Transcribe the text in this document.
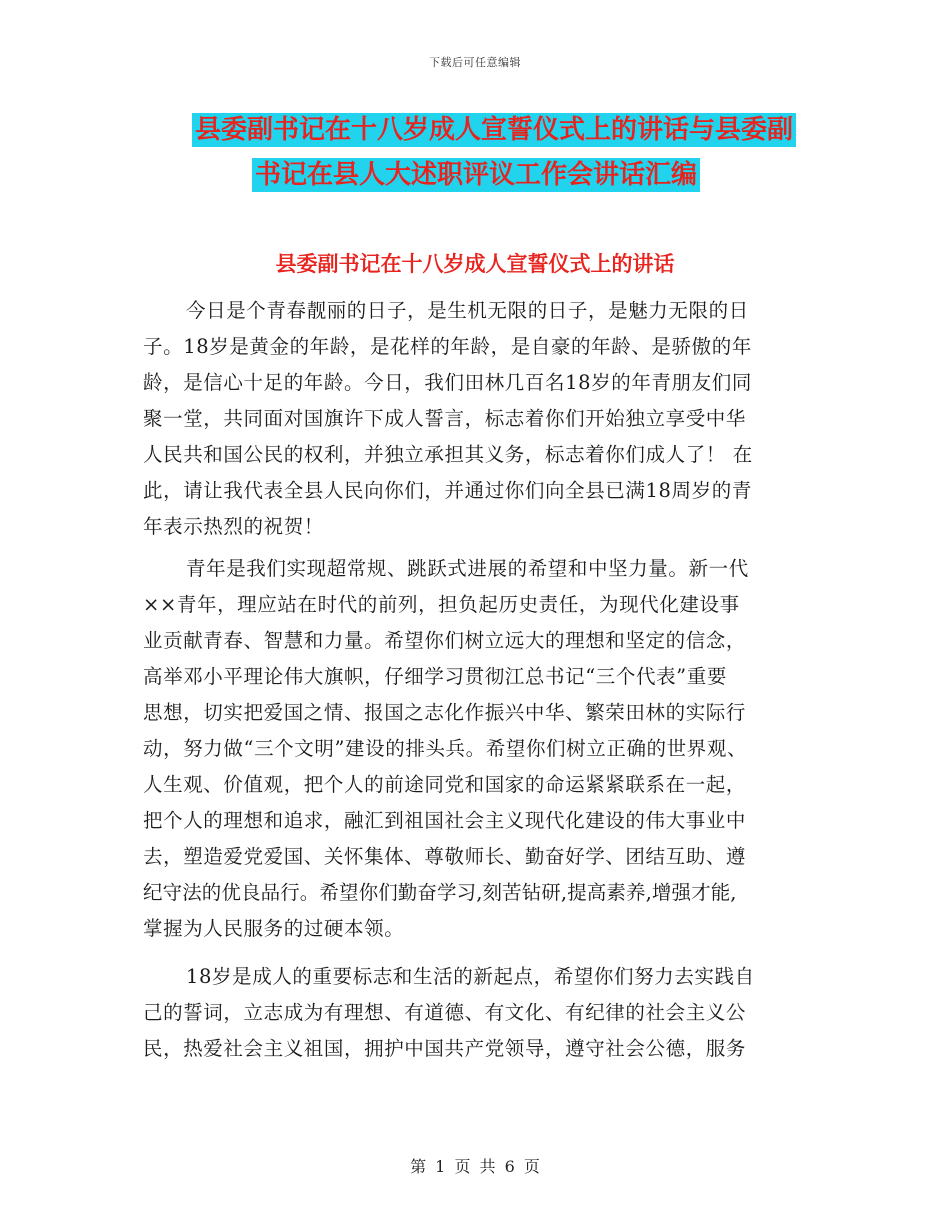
下载后可任意编辑
县委副书记在十八岁成人宣誓仪式上的讲话与县委副
书记在县人大述职评议工作会讲话汇编
县委副书记在十八岁成人宣誓仪式上的讲话
今日是个青春靓丽的日子，是生机无限的日子，是魅力无限的日
子。18岁是黄金的年龄，是花样的年龄，是自豪的年龄、是骄傲的年
龄，是信心十足的年龄。今日，我们田林几百名18岁的年青朋友们同
聚一堂，共同面对国旗许下成人誓言，标志着你们开始独立享受中华
人民共和国公民的权利，并独立承担其义务，标志着你们成人了！ 在
此，请让我代表全县人民向你们，并通过你们向全县已满18周岁的青
年表示热烈的祝贺！
青年是我们实现超常规、跳跃式进展的希望和中坚力量。新一代
××青年，理应站在时代的前列，担负起历史责任，为现代化建设事
业贡献青春、智慧和力量。希望你们树立远大的理想和坚定的信念，
高举邓小平理论伟大旗帜，仔细学习贯彻江总书记“三个代表”重要
思想，切实把爱国之情、报国之志化作振兴中华、繁荣田林的实际行
动，努力做“三个文明”建设的排头兵。希望你们树立正确的世界观、
人生观、价值观，把个人的前途同党和国家的命运紧紧联系在一起，
把个人的理想和追求，融汇到祖国社会主义现代化建设的伟大事业中
去，塑造爱党爱国、关怀集体、尊敬师长、勤奋好学、团结互助、遵
纪守法的优良品行。希望你们勤奋学习,刻苦钻研,提高素养,增强才能,
掌握为人民服务的过硬本领。
18岁是成人的重要标志和生活的新起点，希望你们努力去实践自
己的誓词，立志成为有理想、有道德、有文化、有纪律的社会主义公
民，热爱社会主义祖国，拥护中国共产党领导，遵守社会公德，服务
第 1 页 共 6 页
